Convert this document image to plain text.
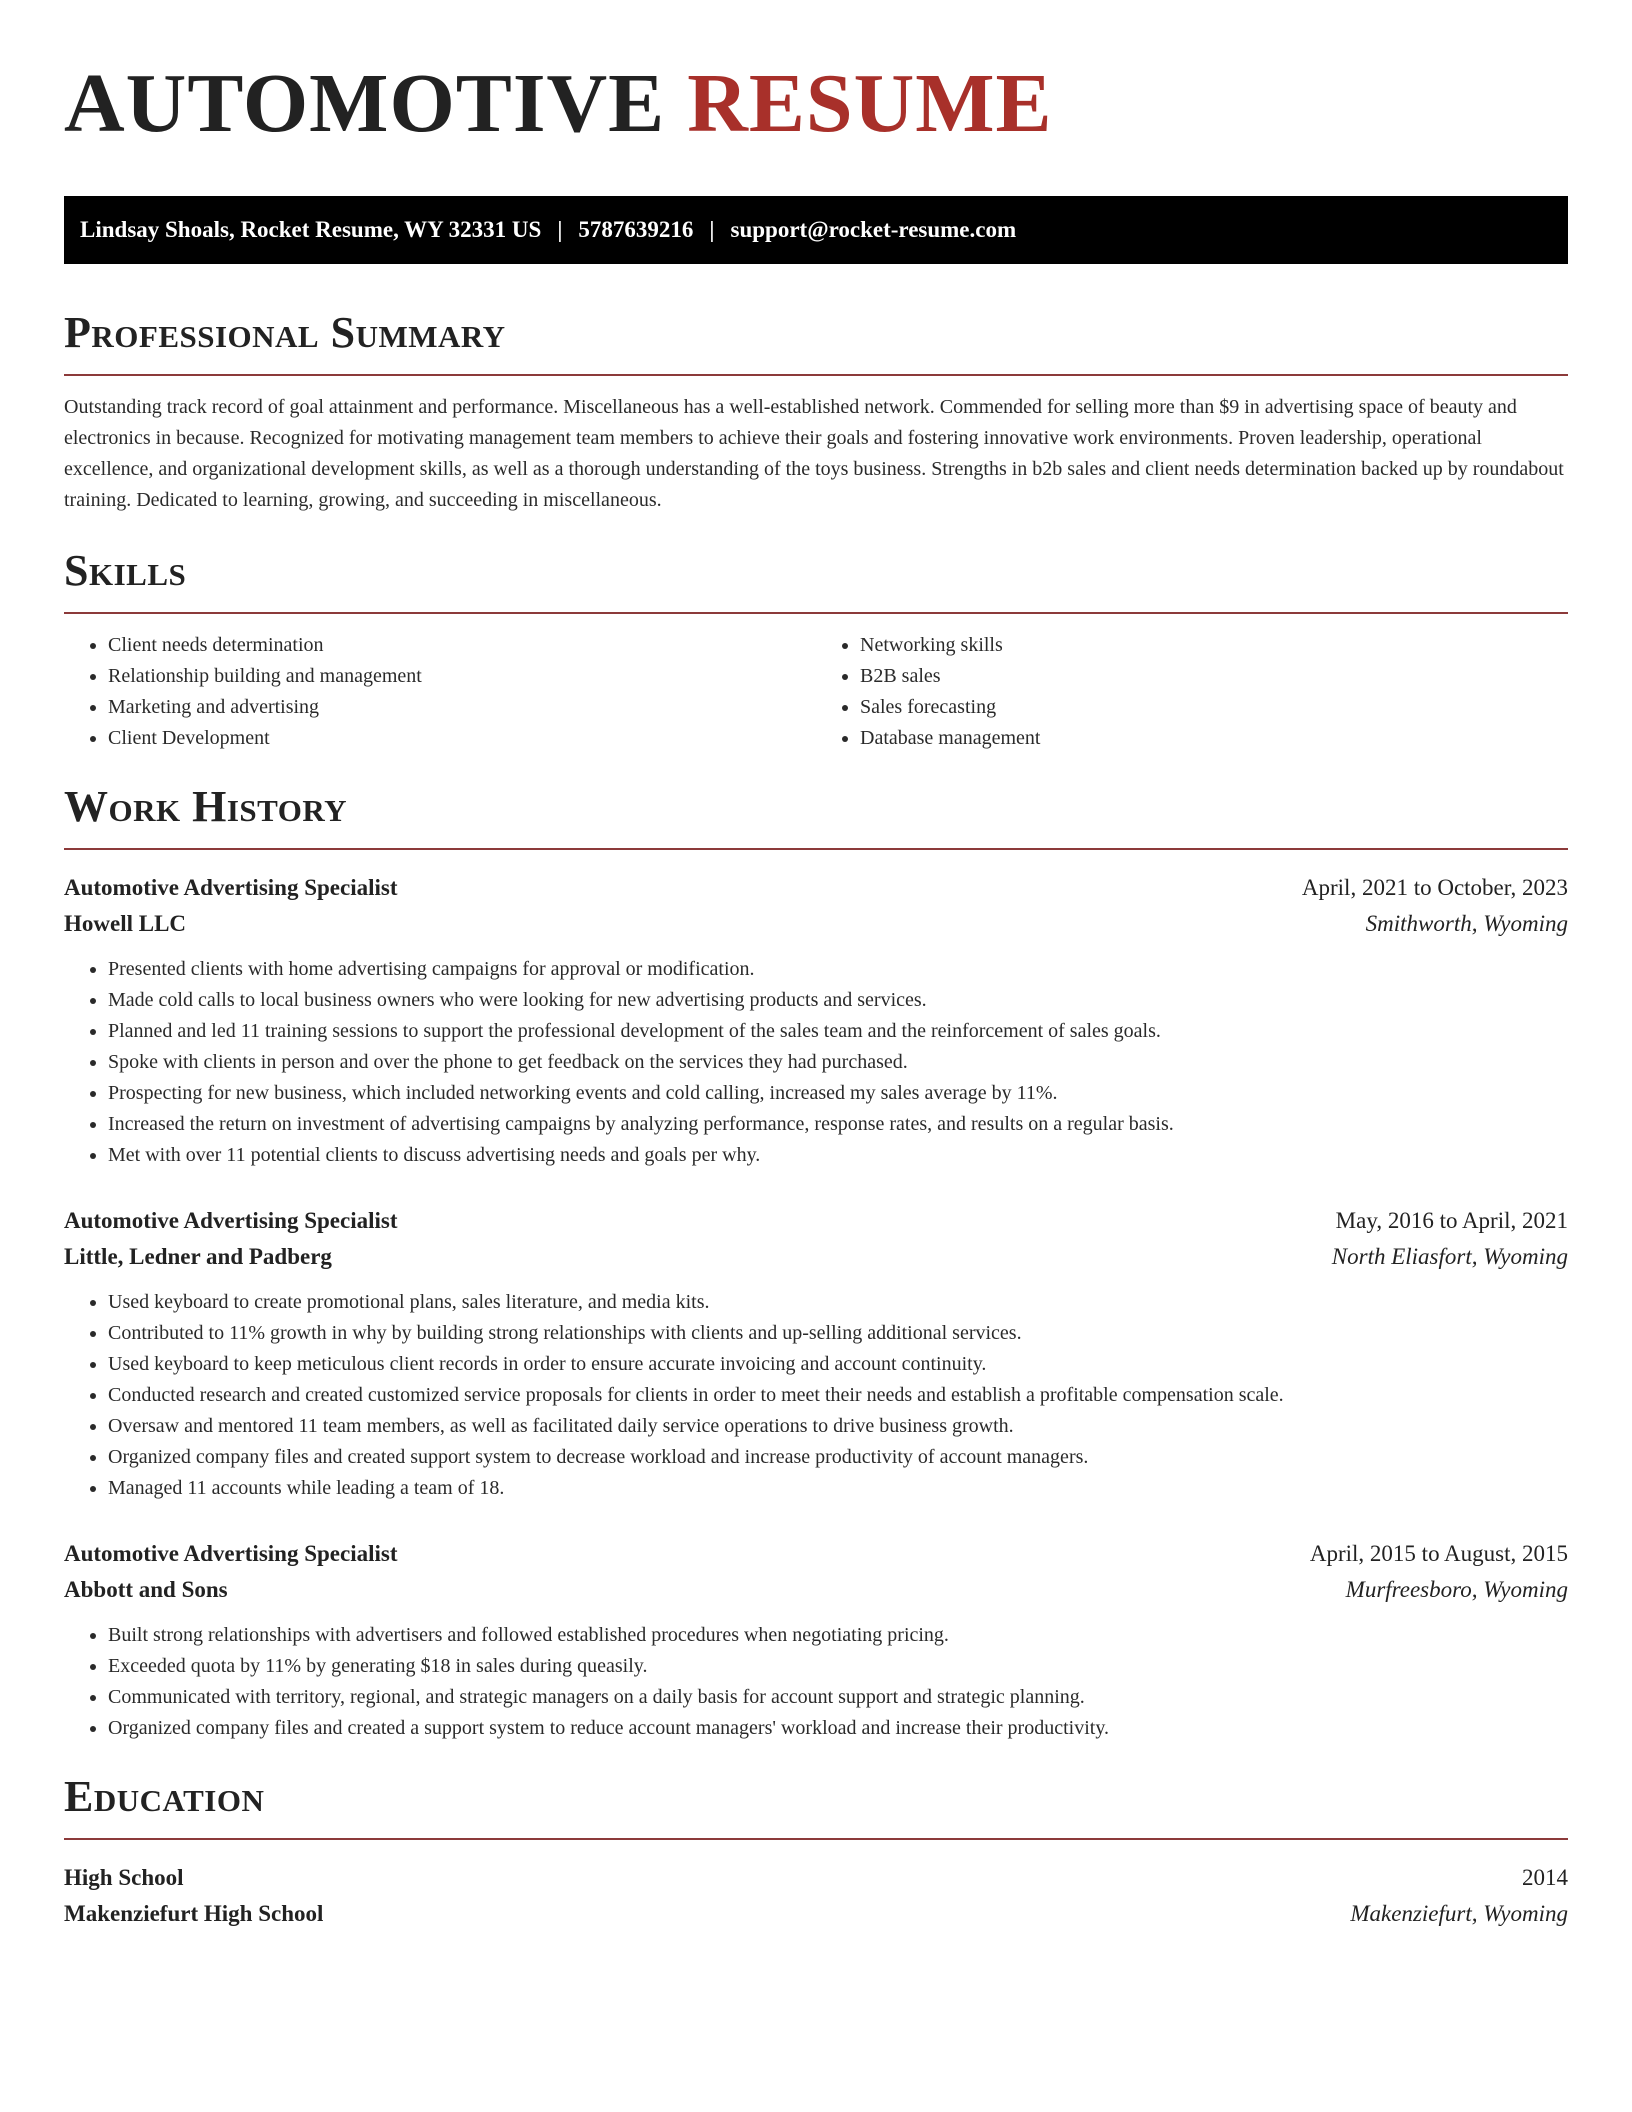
AUTOMOTIVE RESUME
Lindsay Shoals, Rocket Resume, WY 32331 US | 5787639216 | support@rocket-resume.com
Professional Summary

Outstanding track record of goal attainment and performance. Miscellaneous has a well-established network. Commended for selling more than $9 in advertising space of beauty and electronics in because. Recognized for motivating management team members to achieve their goals and fostering innovative work environments. Proven leadership, operational excellence, and organizational development skills, as well as a thorough understanding of the toys business. Strengths in b2b sales and client needs determination backed up by roundabout training. Dedicated to learning, growing, and succeeding in miscellaneous.

Skills
• Client needs determination
• Relationship building and management
• Marketing and advertising
• Client Development
• Networking skills
• B2B sales
• Sales forecasting
• Database management
Work History
Automotive Advertising Specialist	April, 2021 to October, 2023
Howell LLC	Smithworth, Wyoming
• Presented clients with home advertising campaigns for approval or modification.
• Made cold calls to local business owners who were looking for new advertising products and services.
• Planned and led 11 training sessions to support the professional development of the sales team and the reinforcement of sales goals.
• Spoke with clients in person and over the phone to get feedback on the services they had purchased.
• Prospecting for new business, which included networking events and cold calling, increased my sales average by 11%.
• Increased the return on investment of advertising campaigns by analyzing performance, response rates, and results on a regular basis.
• Met with over 11 potential clients to discuss advertising needs and goals per why.
Automotive Advertising Specialist	May, 2016 to April, 2021
Little, Ledner and Padberg	North Eliasfort, Wyoming
• Used keyboard to create promotional plans, sales literature, and media kits.
• Contributed to 11% growth in why by building strong relationships with clients and up-selling additional services.
• Used keyboard to keep meticulous client records in order to ensure accurate invoicing and account continuity.
• Conducted research and created customized service proposals for clients in order to meet their needs and establish a profitable compensation scale.
• Oversaw and mentored 11 team members, as well as facilitated daily service operations to drive business growth.
• Organized company files and created support system to decrease workload and increase productivity of account managers.
• Managed 11 accounts while leading a team of 18.
Automotive Advertising Specialist	April, 2015 to August, 2015
Abbott and Sons	Murfreesboro, Wyoming
• Built strong relationships with advertisers and followed established procedures when negotiating pricing.
• Exceeded quota by 11% by generating $18 in sales during queasily.
• Communicated with territory, regional, and strategic managers on a daily basis for account support and strategic planning.
• Organized company files and created a support system to reduce account managers' workload and increase their productivity.
Education
High School	2014
Makenziefurt High School	Makenziefurt, Wyoming
